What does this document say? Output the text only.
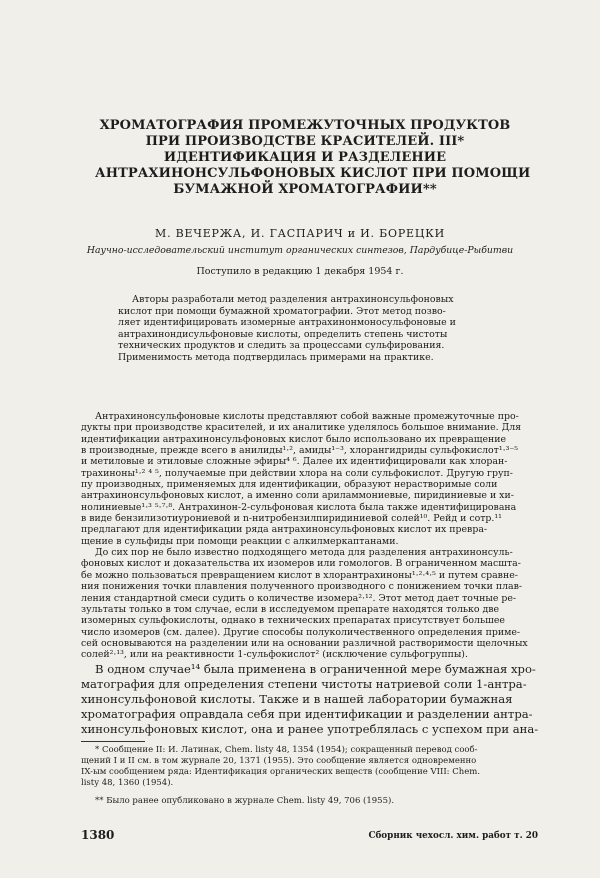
ХРОМАТОГРАФИЯ ПРОМЕЖУТОЧНЫХ ПРОДУКТОВ
ПРИ ПРОИЗВОДСТВЕ КРАСИТЕЛЕЙ. III*
ИДЕНТИФИКАЦИЯ И РАЗДЕЛЕНИЕ
АНТРАХИНОНСУЛЬФОНОВЫХ КИСЛОТ ПРИ ПОМОЩИ
БУМАЖНОЙ ХРОМАТОГРАФИИ**
М. ВЕЧЕРЖА, И. ГАСПАРИЧ и И. БОРЕЦКИ
Научно-исследовательский институт органических синтезов, Пардубице-Рыбитви
Поступило в редакцию 1 декабря 1954 г.
Авторы разработали метод разделения антрахинонсульфоновых
кислот при помощи бумажной хроматографии. Этот метод позво-
ляет идентифицировать изомерные антрахинонмоносульфоновые и
антрахинондисульфоновые кислоты, определить степень чистоты
технических продуктов и следить за процессами сульфирования.
Применимость метода подтвердилась примерами на практике.
Антрахинонсульфоновые кислоты представляют собой важные промежуточные про-
дукты при производстве красителей, и их аналитике уделялось большое внимание. Для
идентификации антрахинонсульфоновых кислот было использовано их превращение
в производные, прежде всего в анилиды¹·², амиды¹⁻³, хлорангидриды сульфокислот¹·³⁻⁵
и метиловые и этиловые сложные эфиры⁴ ⁶. Далее их идентифицировали как хлоран-
трахиноны¹·² ⁴ ⁵, получаемые при действии хлора на соли сульфокислот. Другую груп-
пу производных, применяемых для идентификации, образуют нерастворимые соли
антрахинонсульфоновых кислот, а именно соли ариламмониевые, пиридиниевые и хи-
нолиниевые¹·³ ⁵·⁷·⁸. Антрахинон-2-сульфоновая кислота была также идентифицирована
в виде бензилизотиурониевой и n-нитробензилпиридиниевой солей¹⁰. Рейд и сотр.¹¹
предлагают для идентификации ряда антрахинонсульфоновых кислот их превра-
щение в сульфиды при помощи реакции с алкилмеркаптанами.
До сих пор не было известно подходящего метода для разделения антрахинонсуль-
фоновых кислот и доказательства их изомеров или гомологов. В ограниченном масшта-
бе можно пользоваться превращением кислот в хлорантрахиноны¹·²·⁴·⁵ и путем сравне-
ния понижения точки плавления полученного производного с понижением точки плав-
ления стандартной смеси судить о количестве изомера²·¹². Этот метод дает точные ре-
зультаты только в том случае, если в исследуемом препарате находятся только две
изомерных сульфокислоты, однако в технических препаратах присутствует большее
число изомеров (см. далее). Другие способы полуколичественного определения приме-
сей основываются на разделении или на основании различной растворимости щелочных
солей²·¹³, или на реактивности 1-сульфокислот² (исключение сульфогруппы).
В одном случае¹⁴ была применена в ограниченной мере бумажная хро-
матография для определения степени чистоты натриевой соли 1-антра-
хинонсульфоновой кислоты. Также и в нашей лаборатории бумажная
хроматография оправдала себя при идентификации и разделении антра-
хинонсульфоновых кислот, она и ранее употреблялась с успехом при ана-
* Сообщение II: И. Латинак, Chem. listy 48, 1354 (1954); сокращенный перевод сооб-
щений I и II см. в том журнале 20, 1371 (1955). Это сообщение является одновременно
IX-ым сообщением ряда: Идентификация органических веществ (сообщение VIII: Chem.
listy 48, 1360 (1954).
** Было ранее опубликовано в журнале Chem. listy 49, 706 (1955).
1380	Сборник чехосл. хим. работ т. 20
